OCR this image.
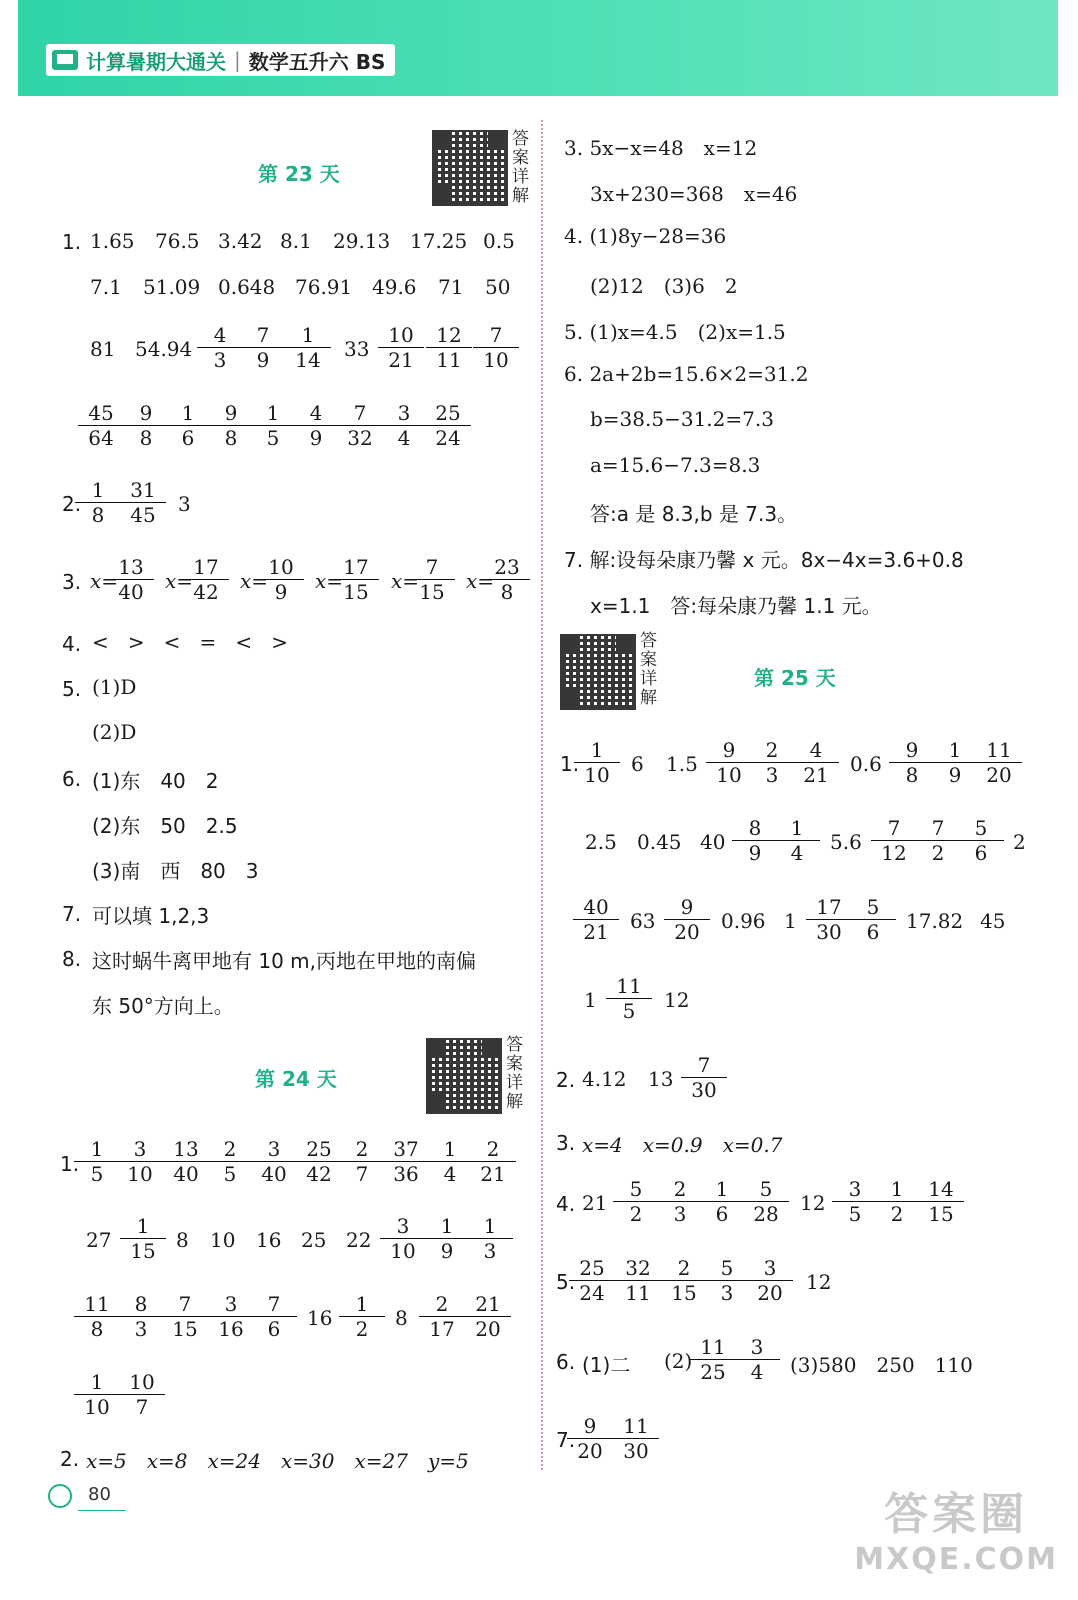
计算暑期大通关 | 数学五升六 BS
第 23 天
答案详解
1. 1.65 76.5 3.42 8.1 29.13 17.25 0.5
7.1 51.09 0.648 76.91 49.6 71 50
81 $54.94 \frac{4}{3}$
$\frac{7}{9} \frac{1}{14} 33 \frac{10}{21} \frac{12}{11} \frac{7}{10}$
$\frac{45}{64} \frac{9}{8}$
$\frac{1}{6}$
$\frac{9}{8}$
$\frac{1}{5}$
$\frac{4}{9}$
$\frac{7}{32}$
$\frac{3}{4}$
$\frac{25}{24}$
2.
$\frac{1}{8} \frac{31}{45} 3$
3. x=
$\frac{13}{40} x=$
$\frac{17}{42} x=$
$\frac{10}{9} x=$
$\frac{17}{15} x=$
$\frac{7}{15} x=$
$\frac{23}{8}$
4. <   >   <   =   <   >
5. (1)D
(2)D
6. (1)东　40　2
(2)东　50　2.5
(3)南　西　80　3
7. 可以填 1,2,3
8. 这时蜗牛离甲地有 10 m,丙地在甲地的南偏
东 50°方向上。
第 24 天
答案详解
1.
$\frac{1}{5}$
$\frac{3}{10} \frac{13}{40}$
$\frac{2}{5}$
$\frac{3}{40} \frac{25}{42}$
$\frac{2}{7}$
$\frac{37}{36}$
$\frac{1}{4}$
$\frac{2}{21}$
$27 \frac{1}{15} 8$ 10 16 25 $22 \frac{3}{10}$
$\frac{1}{9}$
$\frac{1}{3}$
$\frac{11}{8}$
$\frac{8}{3}$
$\frac{7}{15} \frac{3}{16}$
$\frac{7}{6} 16 \frac{1}{2} 8 \frac{2}{17} \frac{21}{20}$
$\frac{1}{10} \frac{10}{7}$
2. x=5　x=8　x=24　x=30　x=27　y=5
3. 5x−x=48　x=12
3x+230=368　x=46
4. (1)8y−28=36
(2)12　(3)6　2
5. (1)x=4.5　(2)x=1.5
6. 2a+2b=15.6×2=31.2
b=38.5−31.2=7.3
a=15.6−7.3=8.3
答:a 是 8.3,b 是 7.3。
7. 解:设每朵康乃馨 x 元。8x−4x=3.6+0.8
x=1.1　答:每朵康乃馨 1.1 元。
答案详解
第 25 天
1.
$\frac{1}{10} 6$ $1.5 \frac{9}{10}$
$\frac{2}{3}$
$\frac{4}{21} 0.6 \frac{9}{8}$
$\frac{1}{9}$
$\frac{11}{20}$
2.5 0.45 $40 \frac{8}{9}$
$\frac{1}{4} 5.6 \frac{7}{12}$
$\frac{7}{2}$
$\frac{5}{6} 2$
$\frac{40}{21} 63 \frac{9}{20} 0.96$ $1 \frac{17}{30}$
$\frac{5}{6} 17.82$ 45
$1 \frac{11}{5} 12$
2. 4.12 $13 \frac{7}{30}$
3. x=4　x=0.9　x=0.7
4. $21 \frac{5}{2}$
$\frac{2}{3}$
$\frac{1}{6}$
$\frac{5}{28} 12 \frac{3}{5}$
$\frac{1}{2}$
$\frac{14}{15}$
5.
$\frac{25}{24} \frac{32}{11} \frac{2}{15}$
$\frac{5}{3}$
$\frac{3}{20} 12$
6. (1)二 (2)
$\frac{11}{25}$
$\frac{3}{4} (3)580$　250　110
7.
$\frac{9}{20} \frac{11}{30}$
80	答案圈
MXQE.COM
